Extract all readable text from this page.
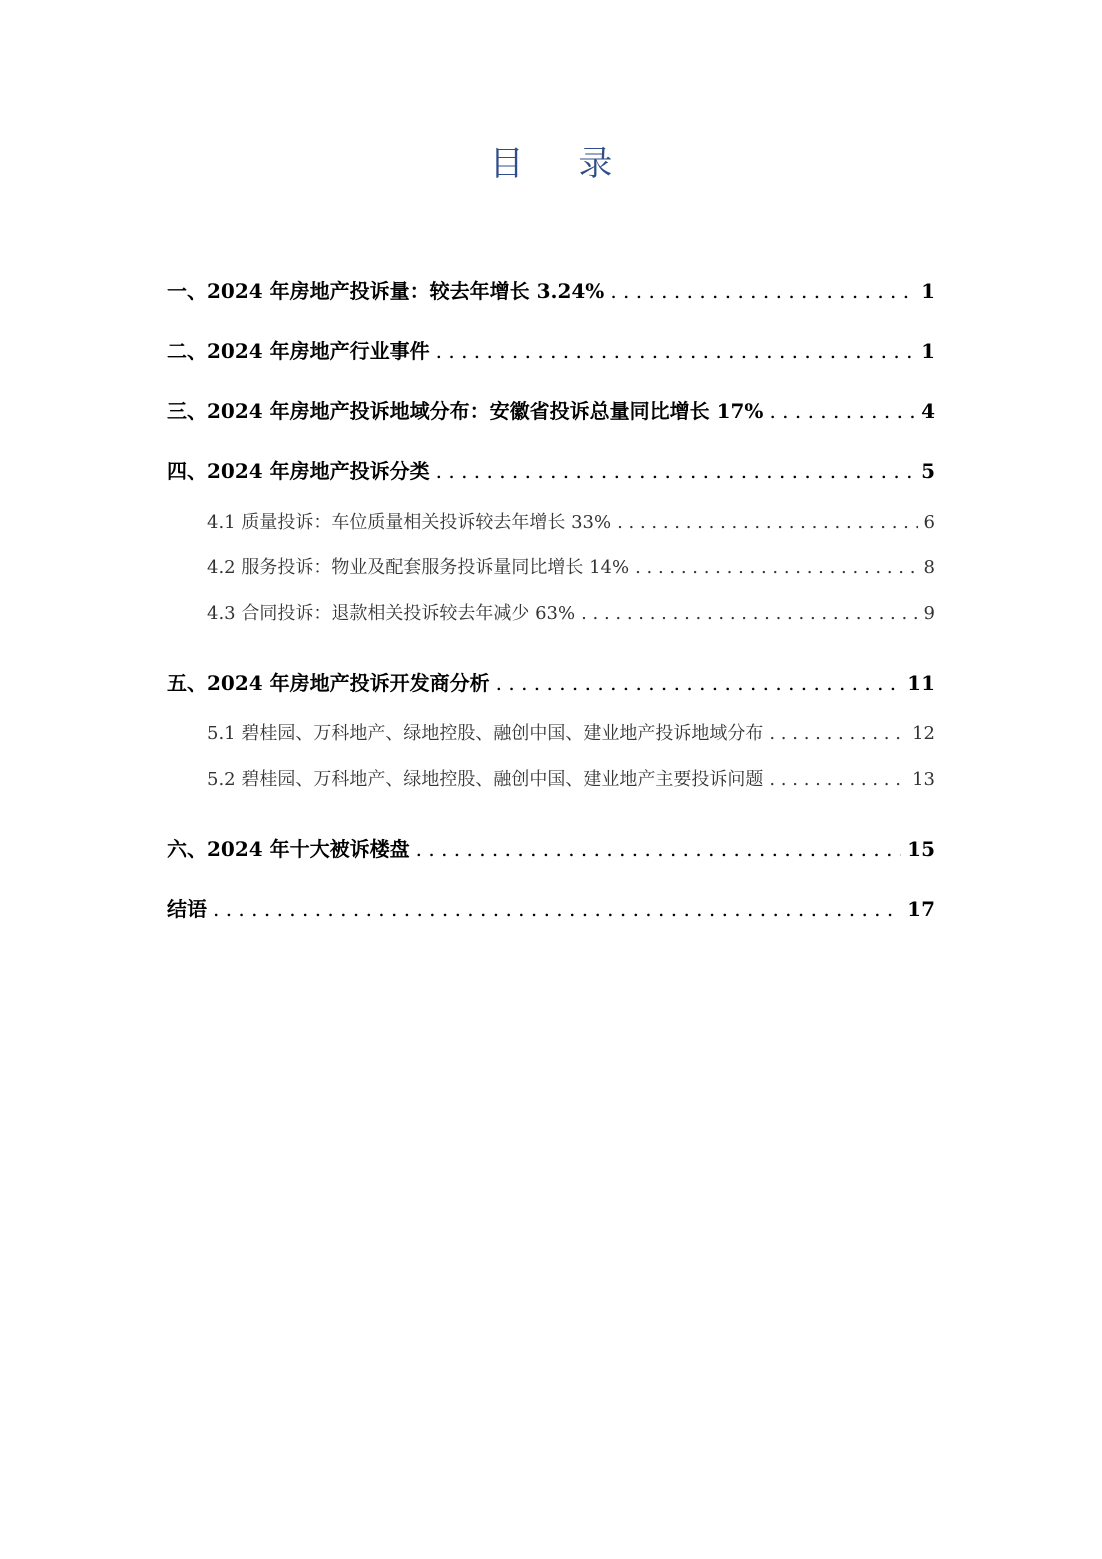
目 录
一、2024 年房地产投诉量：较去年增长 3.24% . . .	1
二、2024 年房地产行业事件 . . .	1
三、2024 年房地产投诉地域分布：安徽省投诉总量同比增长 17% . . .	4
四、2024 年房地产投诉分类 . . .	5
4.1 质量投诉：车位质量相关投诉较去年增长 33% . . .	6
4.2 服务投诉：物业及配套服务投诉量同比增长 14% . . .	8
4.3 合同投诉：退款相关投诉较去年减少 63% . . .	9
五、2024 年房地产投诉开发商分析 . . .	11
5.1 碧桂园、万科地产、绿地控股、融创中国、建业地产投诉地域分布 . . .	12
5.2 碧桂园、万科地产、绿地控股、融创中国、建业地产主要投诉问题 . . .	13
六、2024 年十大被诉楼盘 . . .	15
结语 . . .	17
